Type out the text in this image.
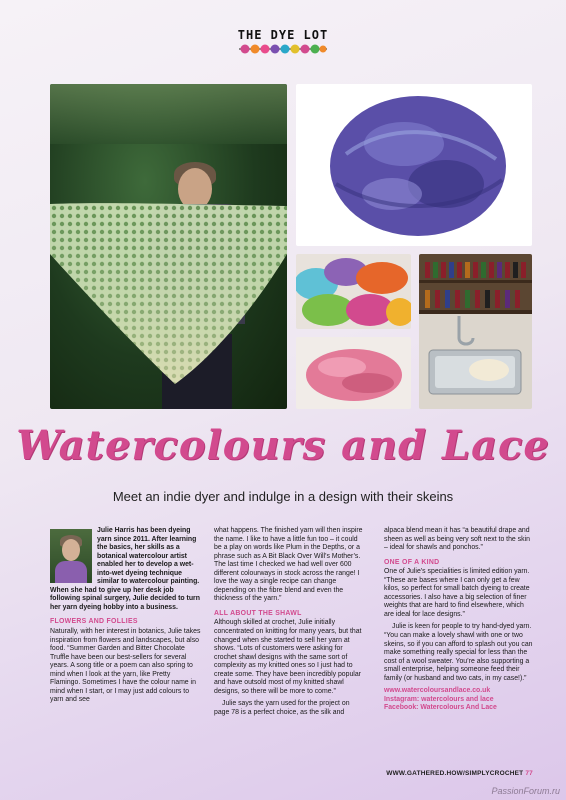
THE DYE LOT
Watercolours and Lace
Meet an indie dyer and indulge in a design with their skeins

Julie Harris has been dyeing yarn since 2011. After learning the basics, her skills as a botanical watercolour artist enabled her to develop a wet-into-wet dyeing technique similar to watercolour painting. When she had to give up her desk job following spinal surgery, Julie decided to turn her yarn dyeing hobby into a business.

FLOWERS AND FOLLIES

Naturally, with her interest in botanics, Julie takes inspiration from flowers and landscapes, but also food. “Summer Garden and Bitter Chocolate Truffle have been our best-sellers for several years. A song title or a poem can also spring to mind when I look at the yarn, like Pretty Flamingo. Sometimes I have the colour name in mind when I start, or I may just add colours to yarn and see

what happens. The finished yarn will then inspire the name. I like to have a little fun too – it could be a play on words like Plum in the Depths, or a phrase such as A Bit Black Over Will’s Mother’s. The last time I checked we had well over 600 different colourways in stock across the range! I love the way a single recipe can change depending on the fibre blend and even the thickness of the yarn.”

ALL ABOUT THE SHAWL

Although skilled at crochet, Julie initially concentrated on knitting for many years, but that changed when she started to sell her yarn at shows. “Lots of customers were asking for crochet shawl designs with the same sort of complexity as my knitted ones so I just had to create some. They have been incredibly popular and have outsold most of my knitted shawl designs, so there will be more to come.”

Julie says the yarn used for the project on page 78 is a perfect choice, as the silk and

alpaca blend mean it has “a beautiful drape and sheen as well as being very soft next to the skin – ideal for shawls and ponchos.”

ONE OF A KIND

One of Julie’s specialities is limited edition yarn. “These are bases where I can only get a few kilos, so perfect for small batch dyeing to create accessories. I also have a big selection of finer weights that are hard to find elsewhere, which are ideal for lace designs.”

Julie is keen for people to try hand-dyed yarn. “You can make a lovely shawl with one or two skeins, so if you can afford to splash out you can make something really special for less than the cost of a wool sweater. You’re also supporting a small enterprise, helping someone feed their family (or husband and two cats, in my case!).”

www.watercoloursandlace.co.uk
Instagram: watercolours and lace
Facebook: Watercolours And Lace
WWW.GATHERED.HOW/SIMPLYCROCHET 77
PassionForum.ru
